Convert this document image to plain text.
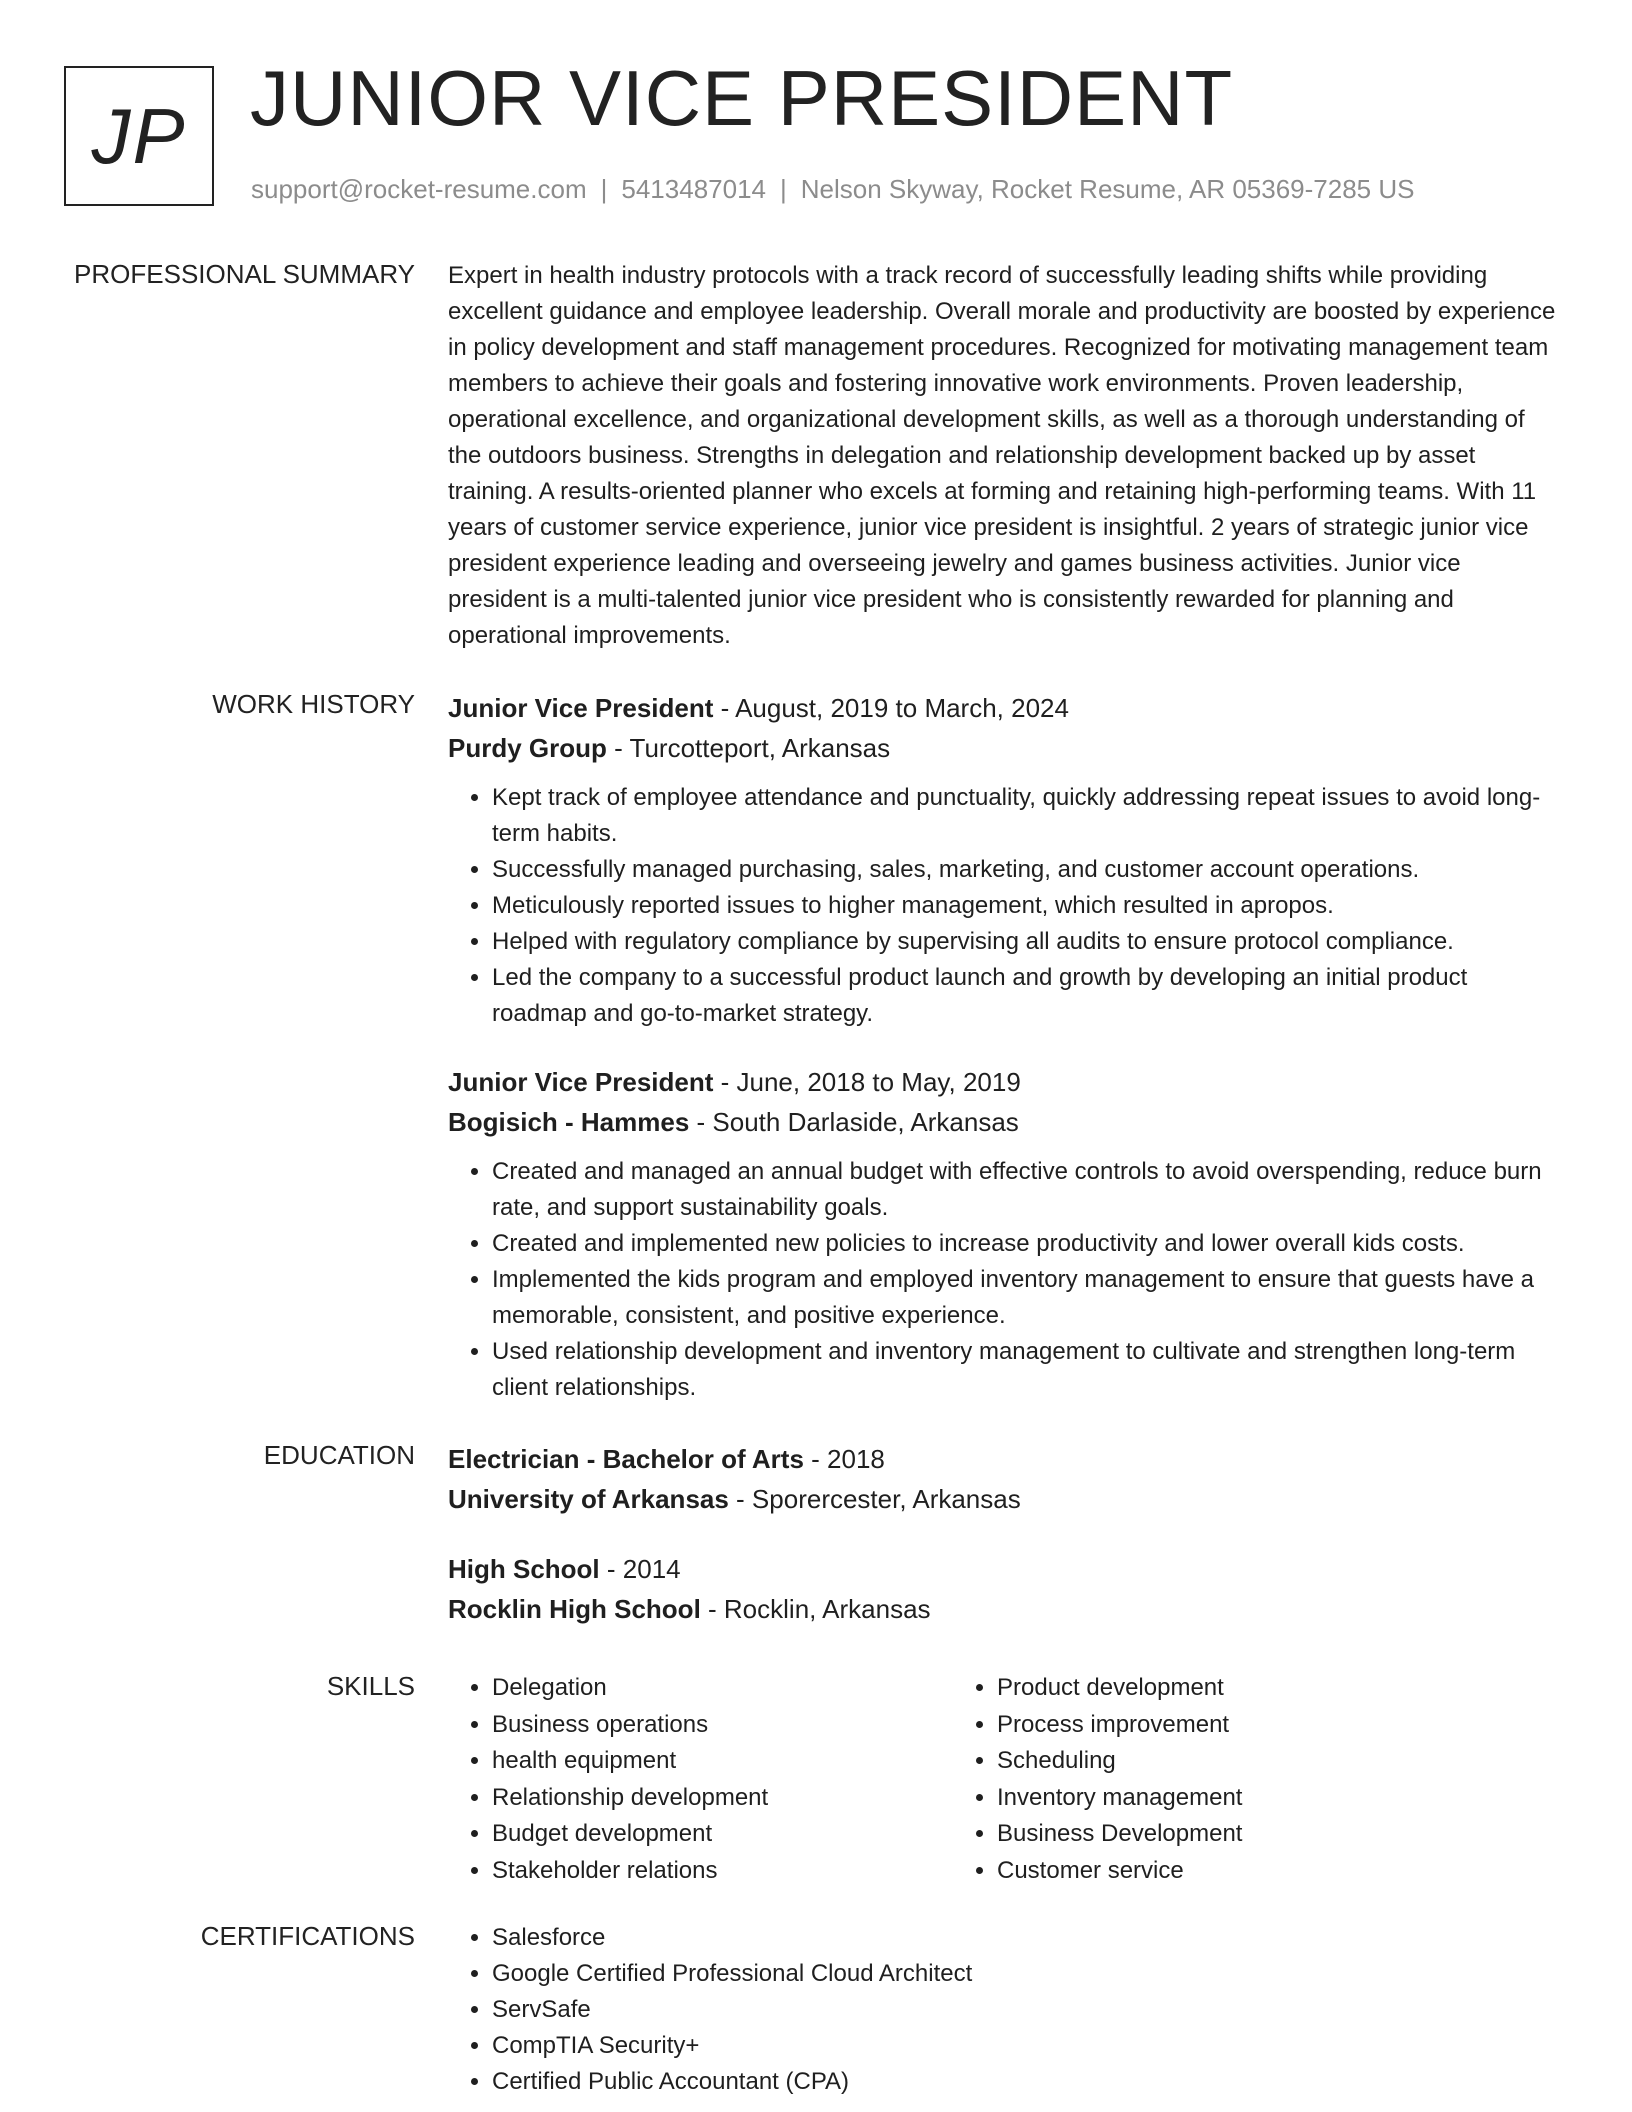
JP JUNIOR VICE PRESIDENT
support@rocket-resume.com | 5413487014 | Nelson Skyway, Rocket Resume, AR 05369-7285 US
PROFESSIONAL SUMMARY Expert in health industry protocols with a track record of successfully leading shifts while providing excellent guidance and employee leadership. Overall morale and productivity are boosted by experience in policy development and staff management procedures. Recognized for motivating management team members to achieve their goals and fostering innovative work environments. Proven leadership, operational excellence, and organizational development skills, as well as a thorough understanding of the outdoors business. Strengths in delegation and relationship development backed up by asset training. A results-oriented planner who excels at forming and retaining high-performing teams. With 11 years of customer service experience, junior vice president is insightful. 2 years of strategic junior vice president experience leading and overseeing jewelry and games business activities. Junior vice president is a multi-talented junior vice president who is consistently rewarded for planning and operational improvements.

WORK HISTORY Junior Vice President - August, 2019 to March, 2024
Purdy Group - Turcotteport, Arkansas
• Kept track of employee attendance and punctuality, quickly addressing repeat issues to avoid long-term habits.
• Successfully managed purchasing, sales, marketing, and customer account operations.
• Meticulously reported issues to higher management, which resulted in apropos.
• Helped with regulatory compliance by supervising all audits to ensure protocol compliance.
• Led the company to a successful product launch and growth by developing an initial product roadmap and go-to-market strategy.
Junior Vice President - June, 2018 to May, 2019
Bogisich - Hammes - South Darlaside, Arkansas
• Created and managed an annual budget with effective controls to avoid overspending, reduce burn rate, and support sustainability goals.
• Created and implemented new policies to increase productivity and lower overall kids costs.
• Implemented the kids program and employed inventory management to ensure that guests have a memorable, consistent, and positive experience.
• Used relationship development and inventory management to cultivate and strengthen long-term client relationships.
EDUCATION Electrician - Bachelor of Arts - 2018
University of Arkansas - Sporercester, Arkansas
High School - 2014
Rocklin High School - Rocklin, Arkansas
SKILLS	• Delegation
• Business operations
• health equipment
• Relationship development
• Budget development
• Stakeholder relations
• Product development
• Process improvement
• Scheduling
• Inventory management
• Business Development
• Customer service
CERTIFICATIONS	• Salesforce
• Google Certified Professional Cloud Architect
• ServSafe
• CompTIA Security+
• Certified Public Accountant (CPA)
